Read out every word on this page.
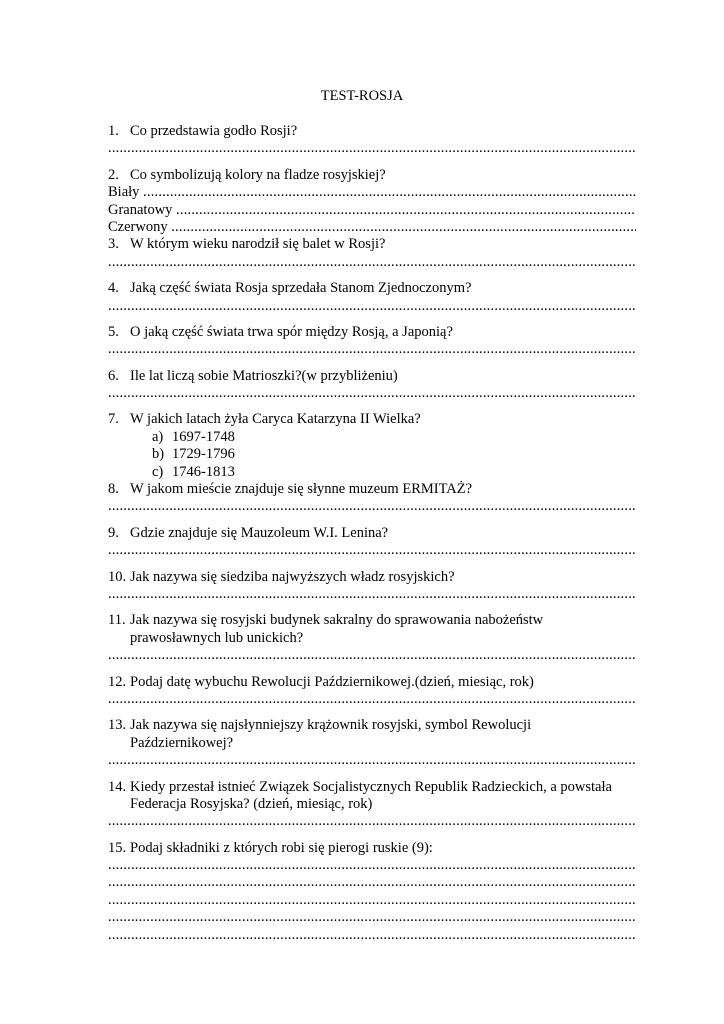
TEST-ROSJA
1. Co przedstawia godło Rosji?
.....
2. Co symbolizują kolory na fladze rosyjskiej?
Biały

.....
Granatowy

.....
Czerwony

.....
3. W którym wieku narodził się balet w Rosji?
.....
4. Jaką część świata Rosja sprzedała Stanom Zjednoczonym?
.....
5. O jaką część świata trwa spór między Rosją, a Japonią?
.....
6. Ile lat liczą sobie Matrioszki?(w przybliżeniu)
.....
7. W jakich latach żyła Caryca Katarzyna II Wielka?
a) 1697-1748
b) 1729-1796
c) 1746-1813
8. W jakom mieście znajduje się słynne muzeum ERMITAŻ?
.....
9. Gdzie znajduje się Mauzoleum W.I. Lenina?
.....
10. Jak nazywa się siedziba najwyższych władz rosyjskich?
.....
11. Jak nazywa się rosyjski budynek sakralny do sprawowania nabożeństw
prawosławnych lub unickich?
.....
12. Podaj datę wybuchu Rewolucji Październikowej.(dzień, miesiąc, rok)
.....
13. Jak nazywa się najsłynniejszy krążownik rosyjski, symbol Rewolucji
Październikowej?
.....
14. Kiedy przestał istnieć Związek Socjalistycznych Republik Radzieckich, a powstała
Federacja Rosyjska? (dzień, miesiąc, rok)
.....
15. Podaj składniki z których robi się pierogi ruskie (9):
.....
.....
.....
.....
.....
